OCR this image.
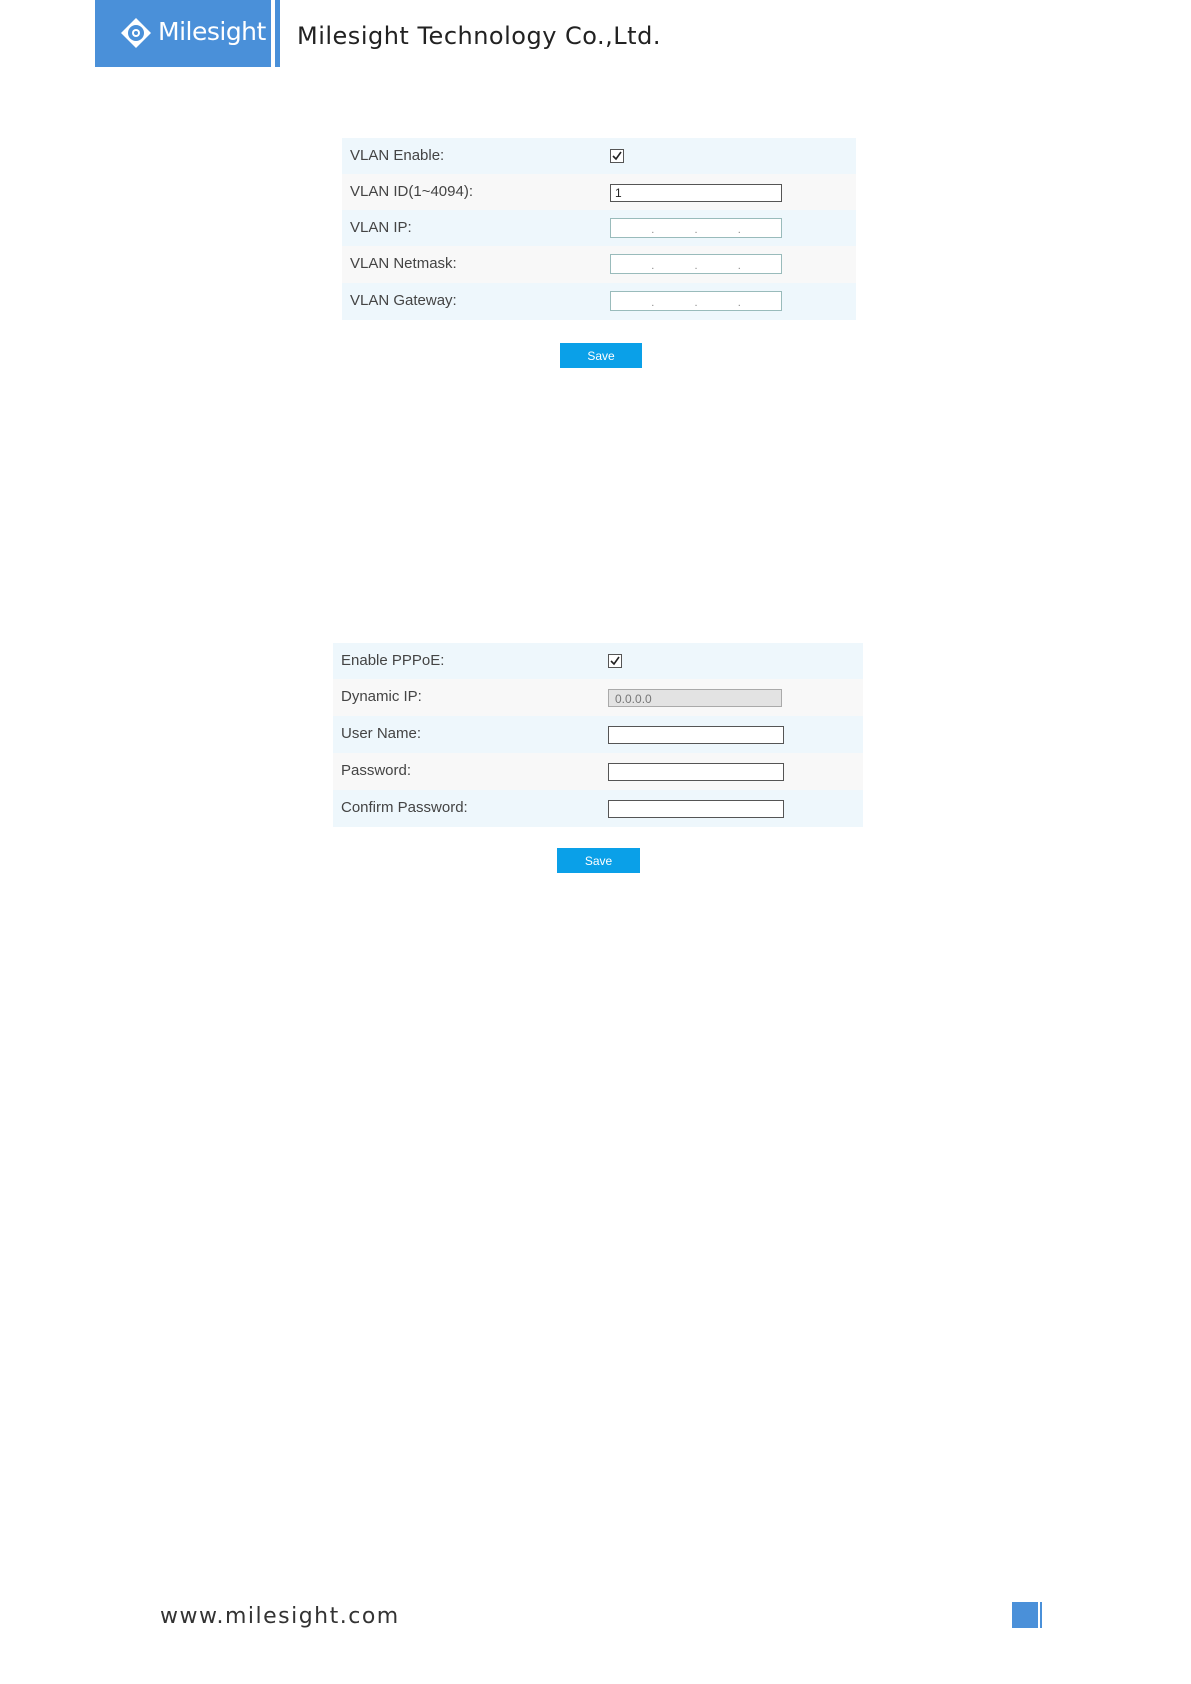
Milesight Milesight Technology Co.,Ltd.
VLAN Enable:
VLAN ID(1~4094):	1
VLAN IP:	.	.	.
VLAN Netmask:	.	.	.
VLAN Gateway:	.	.	.
Save
Enable PPPoE:
Dynamic IP:	0.0.0.0
User Name:
Password:
Confirm Password:
Save
www.milesight.com
